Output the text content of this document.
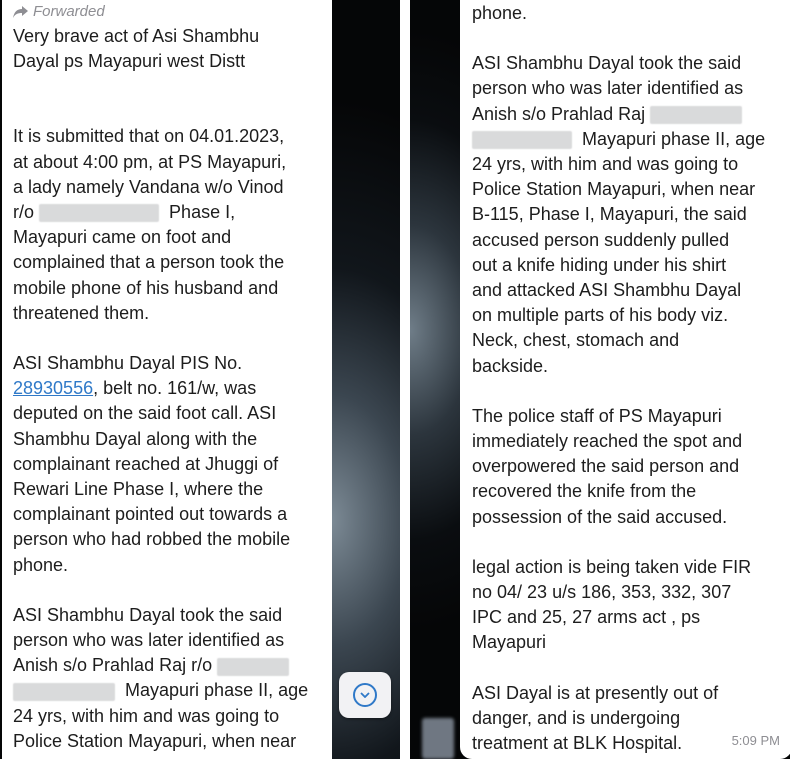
Forwarded
Very brave act of Asi Shambhu
Dayal ps Mayapuri west Distt
It is submitted that on 04.01.2023,
at about 4:00 pm, at PS Mayapuri,
a lady namely Vandana w/o Vinod
r/o	Phase I,
Mayapuri came on foot and
complained that a person took the
mobile phone of his husband and
threatened them.
ASI Shambhu Dayal PIS No.
28930556, belt no. 161/w, was
deputed on the said foot call. ASI
Shambhu Dayal along with the
complainant reached at Jhuggi of
Rewari Line Phase I, where the
complainant pointed out towards a
person who had robbed the mobile
phone.
ASI Shambhu Dayal took the said
person who was later identified as
Anish s/o Prahlad Raj r/o
Mayapuri phase II, age
24 yrs, with him and was going to
Police Station Mayapuri, when near
phone.
ASI Shambhu Dayal took the said
person who was later identified as
Anish s/o Prahlad Raj
Mayapuri phase II, age
24 yrs, with him and was going to
Police Station Mayapuri, when near
B-115, Phase I, Mayapuri, the said
accused person suddenly pulled
out a knife hiding under his shirt
and attacked ASI Shambhu Dayal
on multiple parts of his body viz.
Neck, chest, stomach and
backside.
The police staff of PS Mayapuri
immediately reached the spot and
overpowered the said person and
recovered the knife from the
possession of the said accused.
legal action is being taken vide FIR
no 04/ 23 u/s 186, 353, 332, 307
IPC and 25, 27 arms act , ps
Mayapuri
ASI Dayal is at presently out of
danger, and is undergoing
treatment at BLK Hospital.	5:09 PM
